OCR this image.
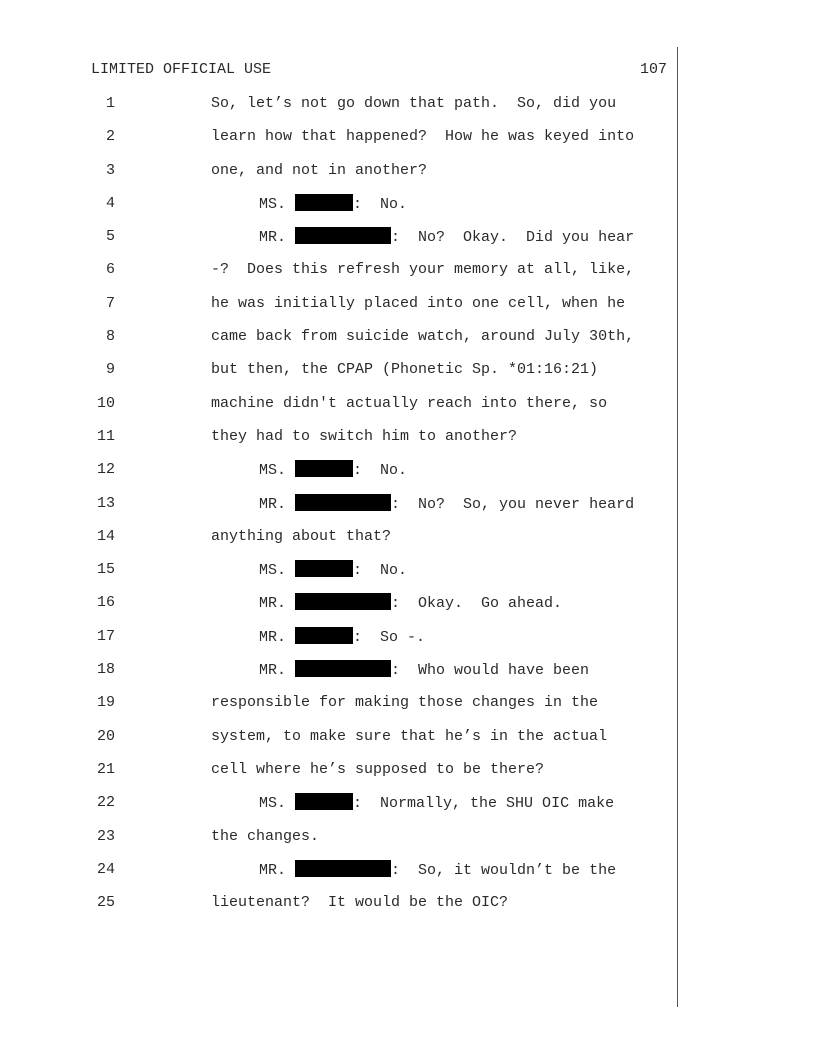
LIMITED OFFICIAL USE	107
1	So, let’s not go down that path.  So, did you
2	learn how that happened?  How he was keyed into
3	one, and not in another?
4	MS.	:  No.
5	MR.	:  No?  Okay.  Did you hear
6	-?  Does this refresh your memory at all, like,
7	he was initially placed into one cell, when he
8	came back from suicide watch, around July 30th,
9	but then, the CPAP (Phonetic Sp. *01:16:21)
10	machine didn't actually reach into there, so
11	they had to switch him to another?
12	MS.	:  No.
13	MR.	:  No?  So, you never heard
14	anything about that?
15	MS.	:  No.
16	MR.	:  Okay.  Go ahead.
17	MR.	:  So -.
18	MR.	:  Who would have been
19	responsible for making those changes in the
20	system, to make sure that he’s in the actual
21	cell where he’s supposed to be there?
22	MS.	:  Normally, the SHU OIC make
23	the changes.
24	MR.	:  So, it wouldn’t be the
25	lieutenant?  It would be the OIC?
